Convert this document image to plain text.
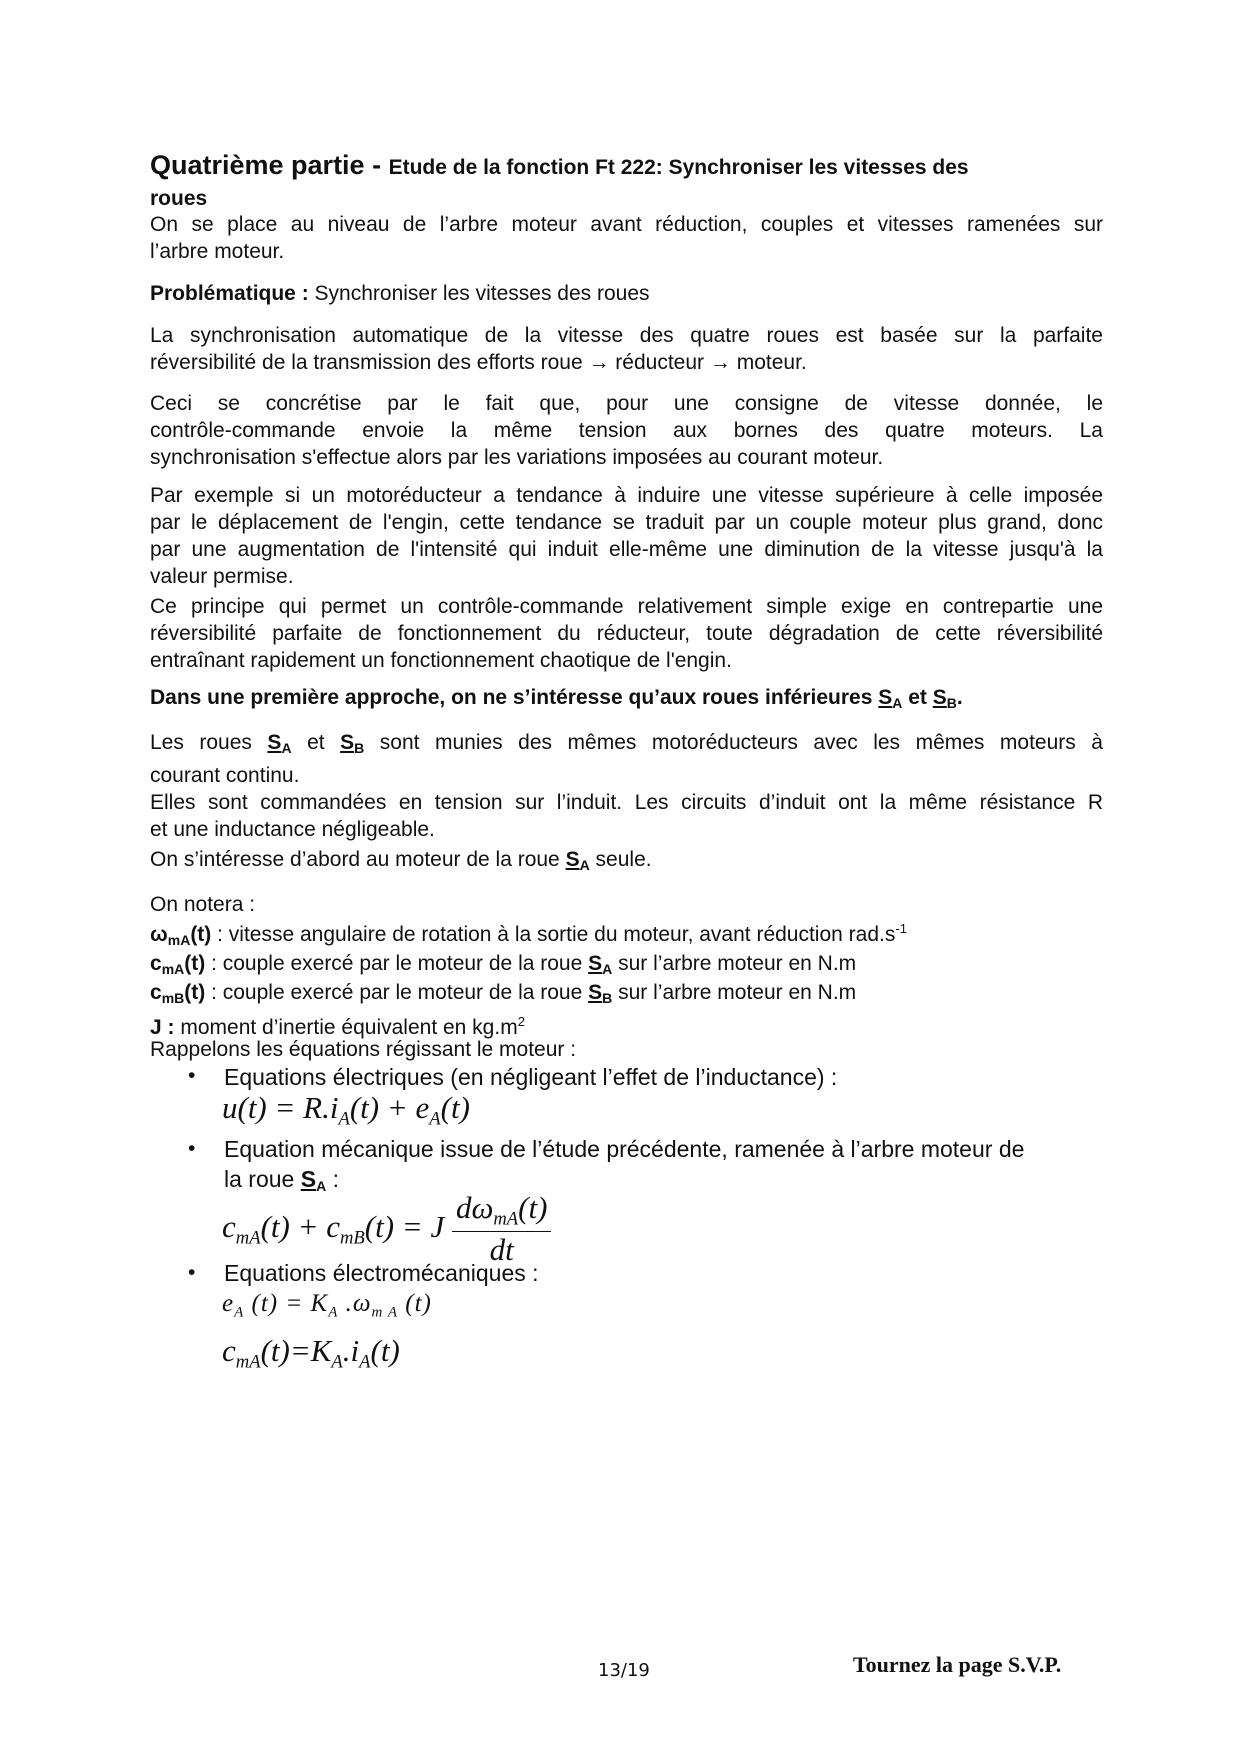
Quatrième partie - Etude de la fonction Ft 222: Synchroniser les vitesses des
roues
On se place au niveau de l’arbre moteur avant réduction, couples et vitesses ramenées sur
l’arbre moteur.
Problématique : Synchroniser les vitesses des roues
La synchronisation automatique de la vitesse des quatre roues est basée sur la parfaite
réversibilité de la transmission des efforts roue → réducteur → moteur.
Ceci se concrétise par le fait que, pour une consigne de vitesse donnée, le
contrôle-commande envoie la même tension aux bornes des quatre moteurs. La
synchronisation s'effectue alors par les variations imposées au courant moteur.
Par exemple si un motoréducteur a tendance à induire une vitesse supérieure à celle imposée
par le déplacement de l'engin, cette tendance se traduit par un couple moteur plus grand, donc
par une augmentation de l'intensité qui induit elle-même une diminution de la vitesse jusqu'à la
valeur permise.
Ce principe qui permet un contrôle-commande relativement simple exige en contrepartie une
réversibilité parfaite de fonctionnement du réducteur, toute dégradation de cette réversibilité
entraînant rapidement un fonctionnement chaotique de l'engin.
Dans une première approche, on ne s’intéresse qu’aux roues inférieures $S_A$ et $S_B$.
Les roues $S_A$ et $S_B$ sont munies des mêmes motoréducteurs avec les mêmes moteurs à
courant continu.
Elles sont commandées en tension sur l’induit. Les circuits d’induit ont la même résistance R
et une inductance négligeable.
On s’intéresse d’abord au moteur de la roue $S_A$ seule.
On notera :
$\omega_{mA}(t)$ : vitesse angulaire de rotation à la sortie du moteur, avant réduction $rad.s^{-1}$
$c_{mA}(t)$ : couple exercé par le moteur de la roue $S_A$ sur l’arbre moteur en N.m
$c_{mB}(t)$ : couple exercé par le moteur de la roue $S_B$ sur l’arbre moteur en N.m
J : moment d’inertie équivalent en $kg.m^2$
Rappelons les équations régissant le moteur :
• Equations électriques (en négligeant l’effet de l’inductance) :
$u(t) = R.i_A(t) + e_A(t)$
• Equation mécanique issue de l’étude précédente, ramenée à l’arbre moteur de
la roue $S_A$ :
$c_{mA}(t) + c_{mB}(t) = J \frac{d\omega_{mA}(t)}{dt}$
• Equations électromécaniques :
$e_A$ $(t) = K_A$ $.\omega_{m A}$ (t)
$c_{mA}(t)=K_A.i_A(t)$
13/19	Tournez la page S.V.P.
